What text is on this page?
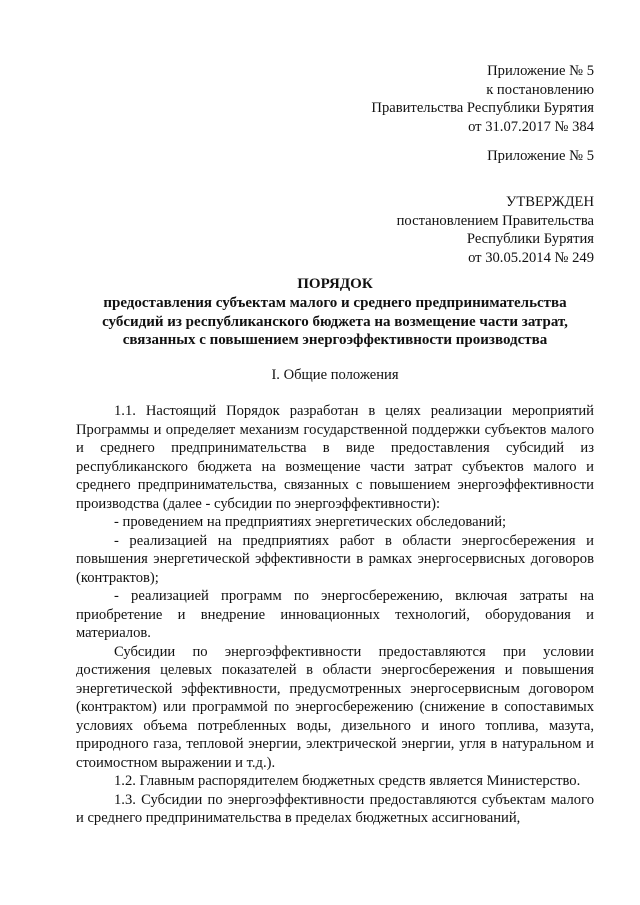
Приложение № 5
к постановлению
Правительства Республики Бурятия
от 31.07.2017 № 384
Приложение № 5
УТВЕРЖДЕН
постановлением Правительства
Республики Бурятия
от 30.05.2014 № 249
ПОРЯДОК
предоставления субъектам малого и среднего предпринимательства субсидий из республиканского бюджета на возмещение части затрат, связанных с повышением энергоэффективности производства
I. Общие положения

1.1. Настоящий Порядок разработан в целях реализации мероприятий Программы и определяет механизм государственной поддержки субъектов малого и среднего предпринимательства в виде предоставления субсидий из республиканского бюджета на возмещение части затрат субъектов малого и среднего предпринимательства, связанных с повышением энергоэффективности производства (далее - субсидии по энергоэффективности):

- проведением на предприятиях энергетических обследований;

- реализацией на предприятиях работ в области энергосбережения и повышения энергетической эффективности в рамках энергосервисных договоров (контрактов);

- реализацией программ по энергосбережению, включая затраты на приобретение и внедрение инновационных технологий, оборудования и материалов.

Субсидии по энергоэффективности предоставляются при условии достижения целевых показателей в области энергосбережения и повышения энергетической эффективности, предусмотренных энергосервисным договором (контрактом) или программой по энергосбережению (снижение в сопоставимых условиях объема потребленных воды, дизельного и иного топлива, мазута, природного газа, тепловой энергии, электрической энергии, угля в натуральном и стоимостном выражении и т.д.).

1.2. Главным распорядителем бюджетных средств является Министерство.

1.3. Субсидии по энергоэффективности предоставляются субъектам малого и среднего предпринимательства в пределах бюджетных ассигнований,
